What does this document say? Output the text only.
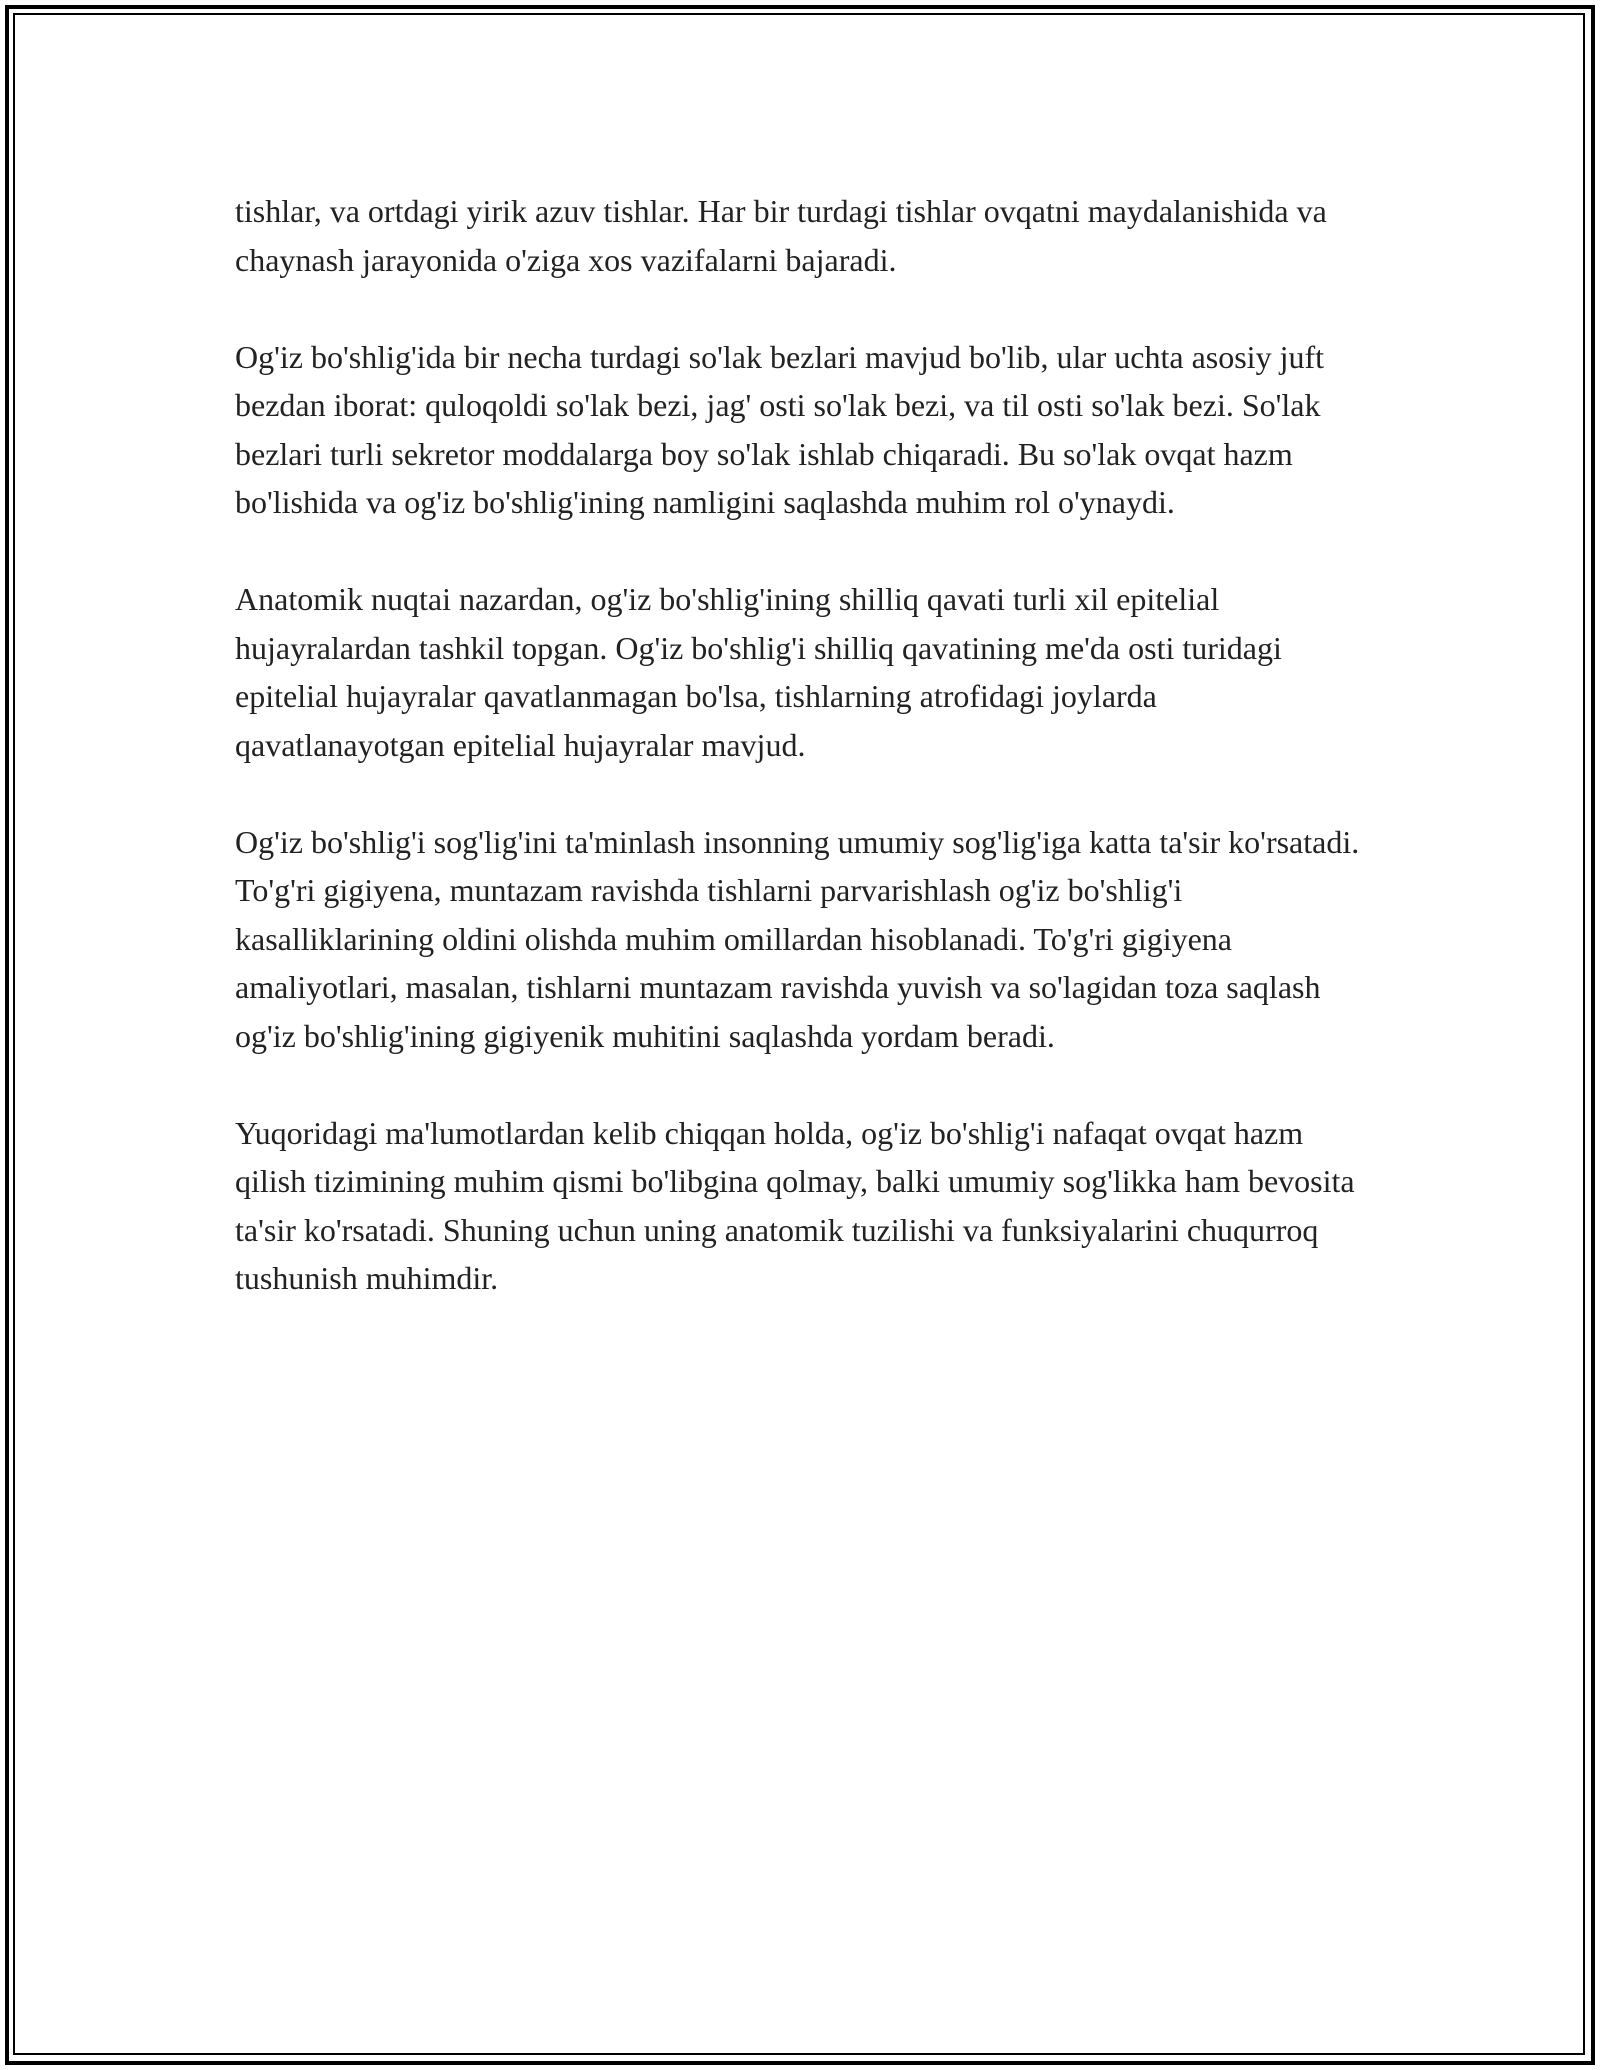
tishlar, va ortdagi yirik azuv tishlar. Har bir turdagi tishlar ovqatni maydalanishida va chaynash jarayonida o'ziga xos vazifalarni bajaradi.

Og'iz bo'shlig'ida bir necha turdagi so'lak bezlari mavjud bo'lib, ular uchta asosiy juft bezdan iborat: quloqoldi so'lak bezi, jag' osti so'lak bezi, va til osti so'lak bezi. So'lak bezlari turli sekretor moddalarga boy so'lak ishlab chiqaradi. Bu so'lak ovqat hazm bo'lishida va og'iz bo'shlig'ining namligini saqlashda muhim rol o'ynaydi.

Anatomik nuqtai nazardan, og'iz bo'shlig'ining shilliq qavati turli xil epitelial hujayralardan tashkil topgan. Og'iz bo'shlig'i shilliq qavatining me'da osti turidagi epitelial hujayralar qavatlanmagan bo'lsa, tishlarning atrofidagi joylarda qavatlanayotgan epitelial hujayralar mavjud.

Og'iz bo'shlig'i sog'lig'ini ta'minlash insonning umumiy sog'lig'iga katta ta'sir ko'rsatadi. To'g'ri gigiyena, muntazam ravishda tishlarni parvarishlash og'iz bo'shlig'i kasalliklarining oldini olishda muhim omillardan hisoblanadi. To'g'ri gigiyena amaliyotlari, masalan, tishlarni muntazam ravishda yuvish va so'lagidan toza saqlash og'iz bo'shlig'ining gigiyenik muhitini saqlashda yordam beradi.

Yuqoridagi ma'lumotlardan kelib chiqqan holda, og'iz bo'shlig'i nafaqat ovqat hazm qilish tizimining muhim qismi bo'libgina qolmay, balki umumiy sog'likka ham bevosita ta'sir ko'rsatadi. Shuning uchun uning anatomik tuzilishi va funksiyalarini chuqurroq tushunish muhimdir.
